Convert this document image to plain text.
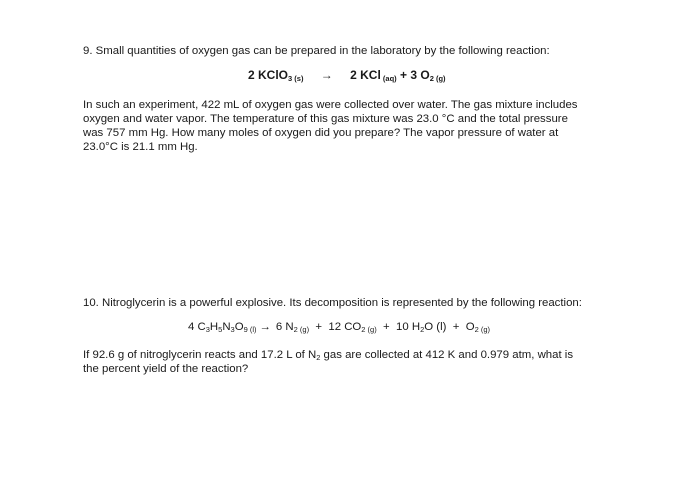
9. Small quantities of oxygen gas can be prepared in the laboratory by the following reaction:

2 KClO$_3$ $_{(s)}$ → 2 KCl $_{(aq)}$ + 3 $O_2$ $_{(g)}$
In such an experiment, 422 mL of oxygen gas were collected over water. The gas mixture includes
oxygen and water vapor. The temperature of this gas mixture was 23.0 °C and the total pressure
was 757 mm Hg. How many moles of oxygen did you prepare? The vapor pressure of water at
23.0°C is 21.1 mm Hg.

10. Nitroglycerin is a powerful explosive. Its decomposition is represented by the following reaction:

4 $C_3H_5N_3O_{9 (l)} \to 6$ $N_{2 (g)} + 12$ $CO_{2 (g)} + 10$ $H_2O$ $(l) + O_{2 (g)}$
If 92.6 g of nitroglycerin reacts and 17.2 L of $N_2$ gas are collected at 412 K and 0.979 atm, what is
the percent yield of the reaction?
